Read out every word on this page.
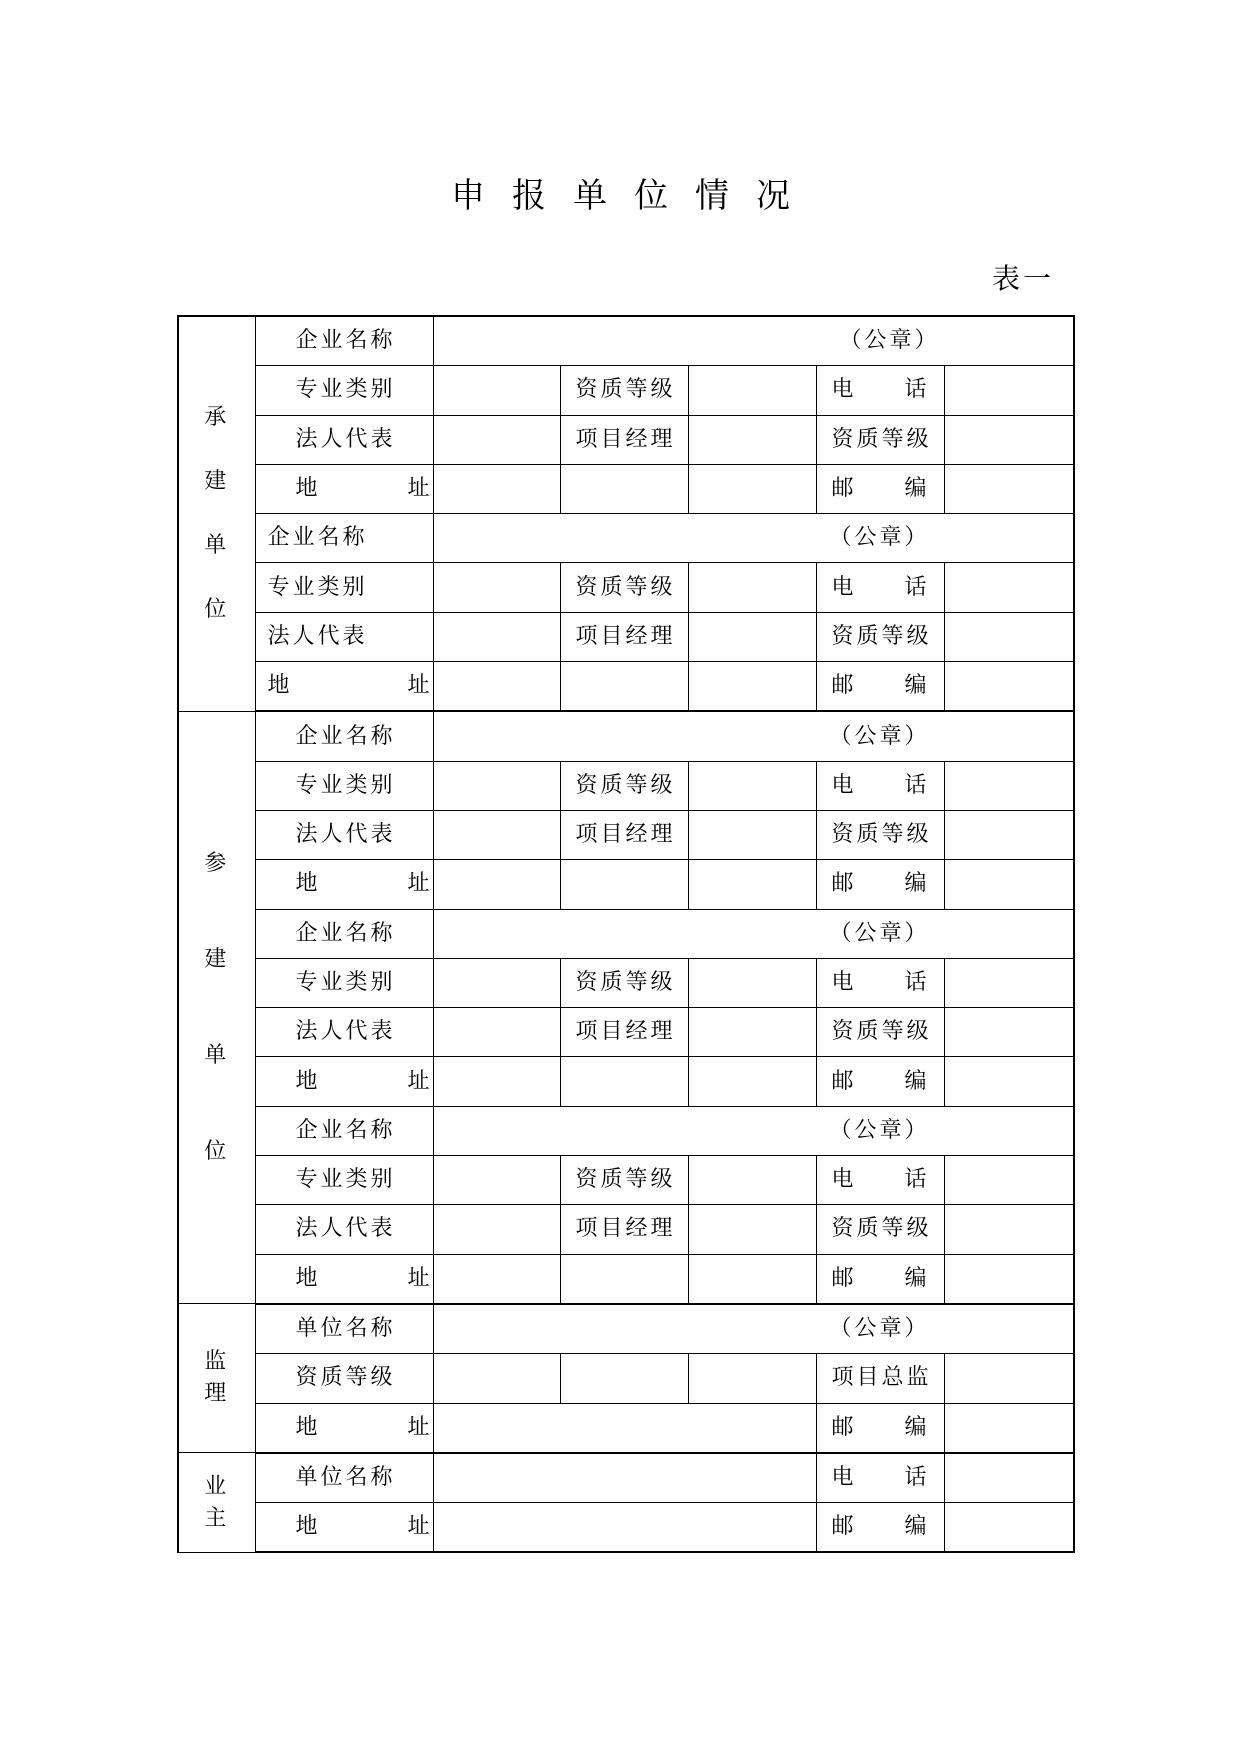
申报单位情况
表一
承
建
单
位	企业名称	（公章）				
	专业类别		资质等级		电 话	

	法人代表		项目经理		资质等级	

	地 址				邮 编	

	企业名称	（公章）				
	专业类别		资质等级		电 话	

	法人代表		项目经理		资质等级	

	地 址				邮 编	

参
建
单
位	企业名称	（公章）				
	专业类别		资质等级		电 话	

	法人代表		项目经理		资质等级	

	地 址				邮 编	

	企业名称	（公章）				
	专业类别		资质等级		电 话	

	法人代表		项目经理		资质等级	

	地 址				邮 编	

	企业名称	（公章）				
	专业类别		资质等级		电 话	

	法人代表		项目经理		资质等级	

	地 址				邮 编	

监
理	单位名称	（公章）				
	资质等级				项目总监	

	地 址				邮 编	

业
主	单位名称				电 话	

	地 址				邮 编	
